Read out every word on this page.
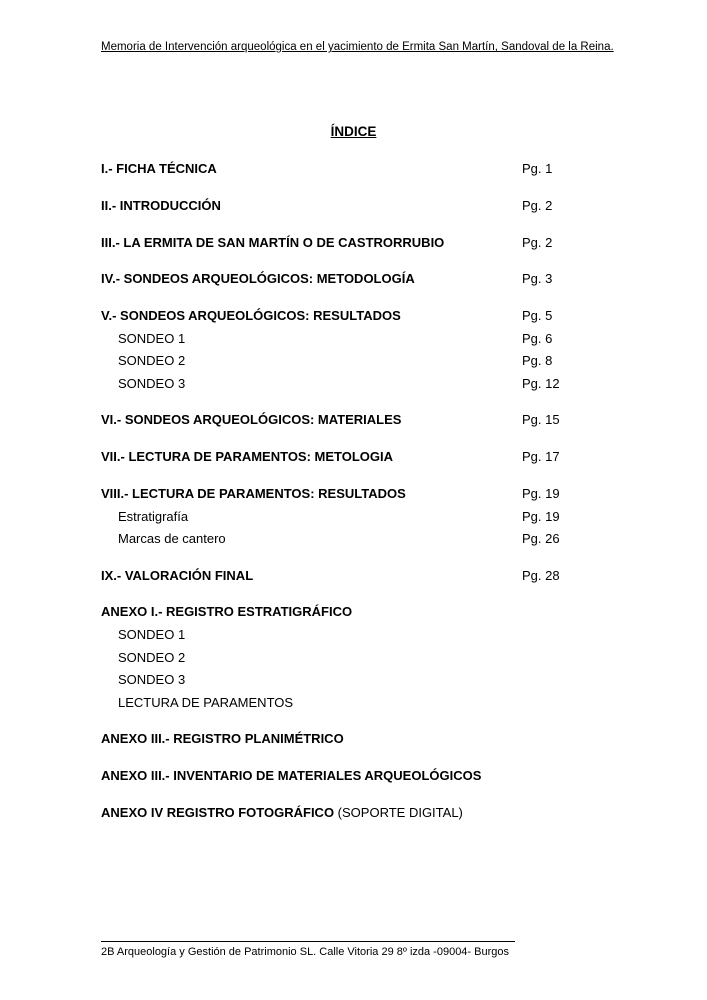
Memoria de Intervención arqueológica en el yacimiento de Ermita San Martín, Sandoval de la Reina.
ÍNDICE
I.- FICHA TÉCNICA	Pg. 1
II.- INTRODUCCIÓN	Pg. 2
III.- LA ERMITA DE SAN MARTÍN O DE CASTRORRUBIO	Pg. 2
IV.- SONDEOS ARQUEOLÓGICOS: METODOLOGÍA	Pg. 3
V.- SONDEOS ARQUEOLÓGICOS: RESULTADOS	Pg. 5
SONDEO 1	Pg. 6
SONDEO 2	Pg. 8
SONDEO 3	Pg. 12
VI.- SONDEOS ARQUEOLÓGICOS: MATERIALES	Pg. 15
VII.- LECTURA DE PARAMENTOS: METOLOGIA	Pg. 17
VIII.- LECTURA DE PARAMENTOS: RESULTADOS	Pg. 19
Estratigrafía	Pg. 19
Marcas de cantero	Pg. 26
IX.- VALORACIÓN FINAL	Pg. 28
ANEXO I.- REGISTRO ESTRATIGRÁFICO
SONDEO 1
SONDEO 2
SONDEO 3
LECTURA DE PARAMENTOS
ANEXO III.- REGISTRO PLANIMÉTRICO
ANEXO III.- INVENTARIO DE MATERIALES ARQUEOLÓGICOS
ANEXO IV REGISTRO FOTOGRÁFICO (SOPORTE DIGITAL)
2B Arqueología y Gestión de Patrimonio SL. Calle Vitoria 29 8º izda -09004- Burgos
